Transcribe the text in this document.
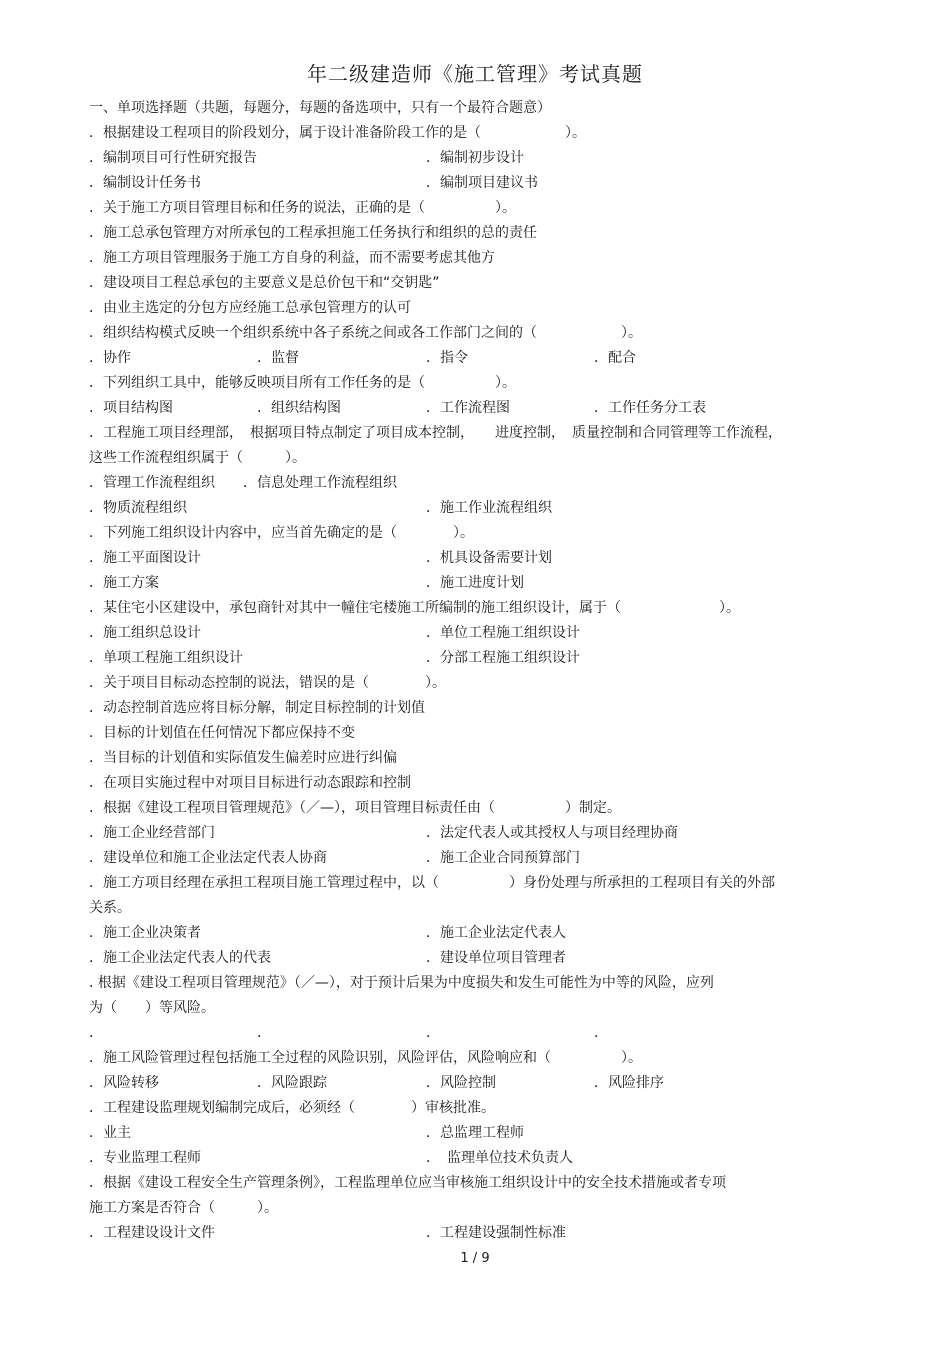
年二级建造师《施工管理》考试真题
一、单项选择题（共题，每题分，每题的备选项中，只有一个最符合题意）
．根据建设工程项目的阶段划分，属于设计准备阶段工作的是（　　　　　　）。
．编制项目可行性研究报告	．编制初步设计
．编制设计任务书	．编制项目建议书
．关于施工方项目管理目标和任务的说法，正确的是（　　　　　）。
．施工总承包管理方对所承包的工程承担施工任务执行和组织的总的责任
．施工方项目管理服务于施工方自身的利益，而不需要考虑其他方
．建设项目工程总承包的主要意义是总价包干和“交钥匙”
．由业主选定的分包方应经施工总承包管理方的认可
．组织结构模式反映一个组织系统中各子系统之间或各工作部门之间的（　　　　　　）。
．协作	．监督	．指令	．配合
．下列组织工具中，能够反映项目所有工作任务的是（　　　　　）。
．项目结构图	．组织结构图	．工作流程图	．工作任务分工表
．工程施工项目经理部，　根据项目特点制定了项目成本控制，　　进度控制，　质量控制和合同管理等工作流程，
这些工作流程组织属于（　　　）。
．管理工作流程组织　　．信息处理工作流程组织
．物质流程组织	．施工作业流程组织
．下列施工组织设计内容中，应当首先确定的是（　　　　）。
．施工平面图设计	．机具设备需要计划
．施工方案	．施工进度计划
．某住宅小区建设中，承包商针对其中一幢住宅楼施工所编制的施工组织设计，属于（　　　　　　　）。
．施工组织总设计	．单位工程施工组织设计
．单项工程施工组织设计	．分部工程施工组织设计
．关于项目目标动态控制的说法，错误的是（　　　　）。
．动态控制首选应将目标分解，制定目标控制的计划值
．目标的计划值在任何情况下都应保持不变
．当目标的计划值和实际值发生偏差时应进行纠偏
．在项目实施过程中对项目目标进行动态跟踪和控制
．根据《建设工程项目管理规范》（／—），项目管理目标责任由（　　　　　）制定。
．施工企业经营部门	．法定代表人或其授权人与项目经理协商
．建设单位和施工企业法定代表人协商	．施工企业合同预算部门
．施工方项目经理在承担工程项目施工管理过程中，以（　　　　　）身份处理与所承担的工程项目有关的外部
关系。
．施工企业决策者	．施工企业法定代表人
．施工企业法定代表人的代表	．建设单位项目管理者
. 根据《建设工程项目管理规范》（／—），对于预计后果为中度损失和发生可能性为中等的风险，应列
为（　　）等风险。
．	．	．	．
．施工风险管理过程包括施工全过程的风险识别，风险评估，风险响应和（　　　　　）。
．风险转移	．风险跟踪	．风险控制	．风险排序
．工程建设监理规划编制完成后，必须经（　　　　）审核批准。
．业主	．总监理工程师
．专业监理工程师	．　监理单位技术负责人
．根据《建设工程安全生产管理条例》，工程监理单位应当审核施工组织设计中的安全技术措施或者专项
施工方案是否符合（　　　）。
．工程建设设计文件	．工程建设强制性标准
1 / 9
